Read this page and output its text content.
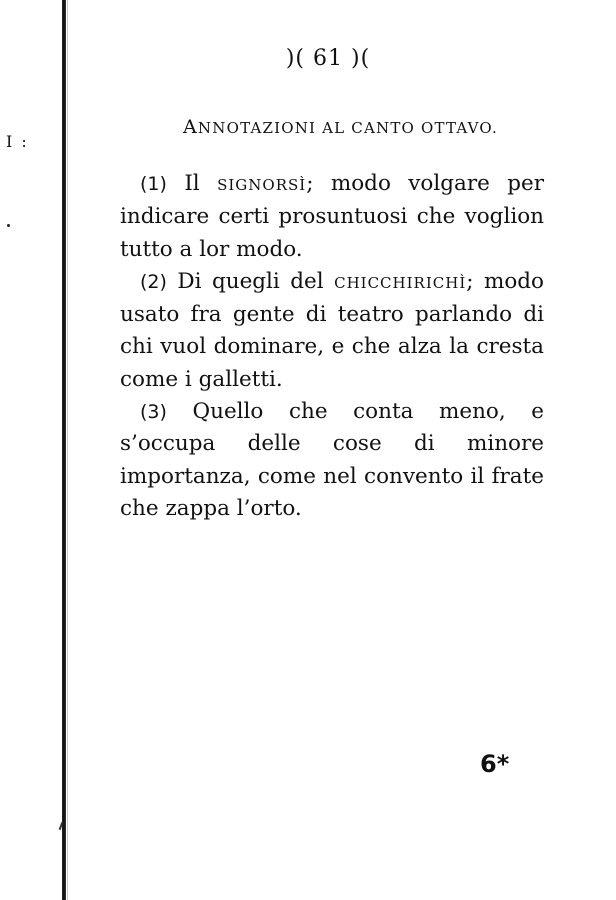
I :
)( 61 )(
ANNOTAZIONI AL CANTO OTTAVO.

(1) Il SIGNORSÌ; modo volgare per indicare certi prosuntuosi che voglion tutto a lor modo.

(2) Di quegli del CHICCHIRICHÌ; modo usato fra gente di teatro parlando di chi vuol dominare, e che alza la cresta come i galletti.

(3) Quello che conta meno, e s’occupa delle cose di minore importanza, come nel convento il frate che zappa l’orto.

6*
